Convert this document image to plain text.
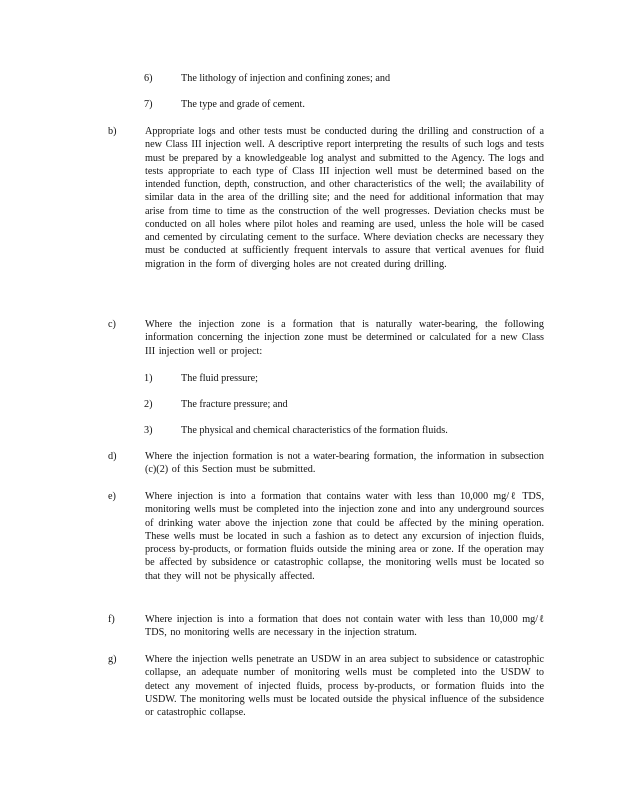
6)	The lithology of injection and confining zones; and
7)	The type and grade of cement.
b)	Appropriate logs and other tests must be conducted during the drilling and construction of a new Class III injection well. A descriptive report interpreting the results of such logs and tests must be prepared by a knowledgeable log analyst and submitted to the Agency. The logs and tests appropriate to each type of Class III injection well must be determined based on the intended function, depth, construction, and other characteristics of the well; the availability of similar data in the area of the drilling site; and the need for additional information that may arise from time to time as the construction of the well progresses. Deviation checks must be conducted on all holes where pilot holes and reaming are used, unless the hole will be cased and cemented by circulating cement to the surface. Where deviation checks are necessary they must be conducted at sufficiently frequent intervals to assure that vertical avenues for fluid migration in the form of diverging holes are not created during drilling.
c)	Where the injection zone is a formation that is naturally water-bearing, the following information concerning the injection zone must be determined or calculated for a new Class III injection well or project:
1)	The fluid pressure;
2)	The fracture pressure; and
3)	The physical and chemical characteristics of the formation fluids.
d)	Where the injection formation is not a water-bearing formation, the information in subsection (c)(2) of this Section must be submitted.
e)	Where injection is into a formation that contains water with less than 10,000 mg/ℓ TDS, monitoring wells must be completed into the injection zone and into any underground sources of drinking water above the injection zone that could be affected by the mining operation. These wells must be located in such a fashion as to detect any excursion of injection fluids, process by-products, or formation fluids outside the mining area or zone. If the operation may be affected by subsidence or catastrophic collapse, the monitoring wells must be located so that they will not be physically affected.
f)	Where injection is into a formation that does not contain water with less than 10,000 mg/ℓ TDS, no monitoring wells are necessary in the injection stratum.
g)	Where the injection wells penetrate an USDW in an area subject to subsidence or catastrophic collapse, an adequate number of monitoring wells must be completed into the USDW to detect any movement of injected fluids, process by-products, or formation fluids into the USDW. The monitoring wells must be located outside the physical influence of the subsidence or catastrophic collapse.
